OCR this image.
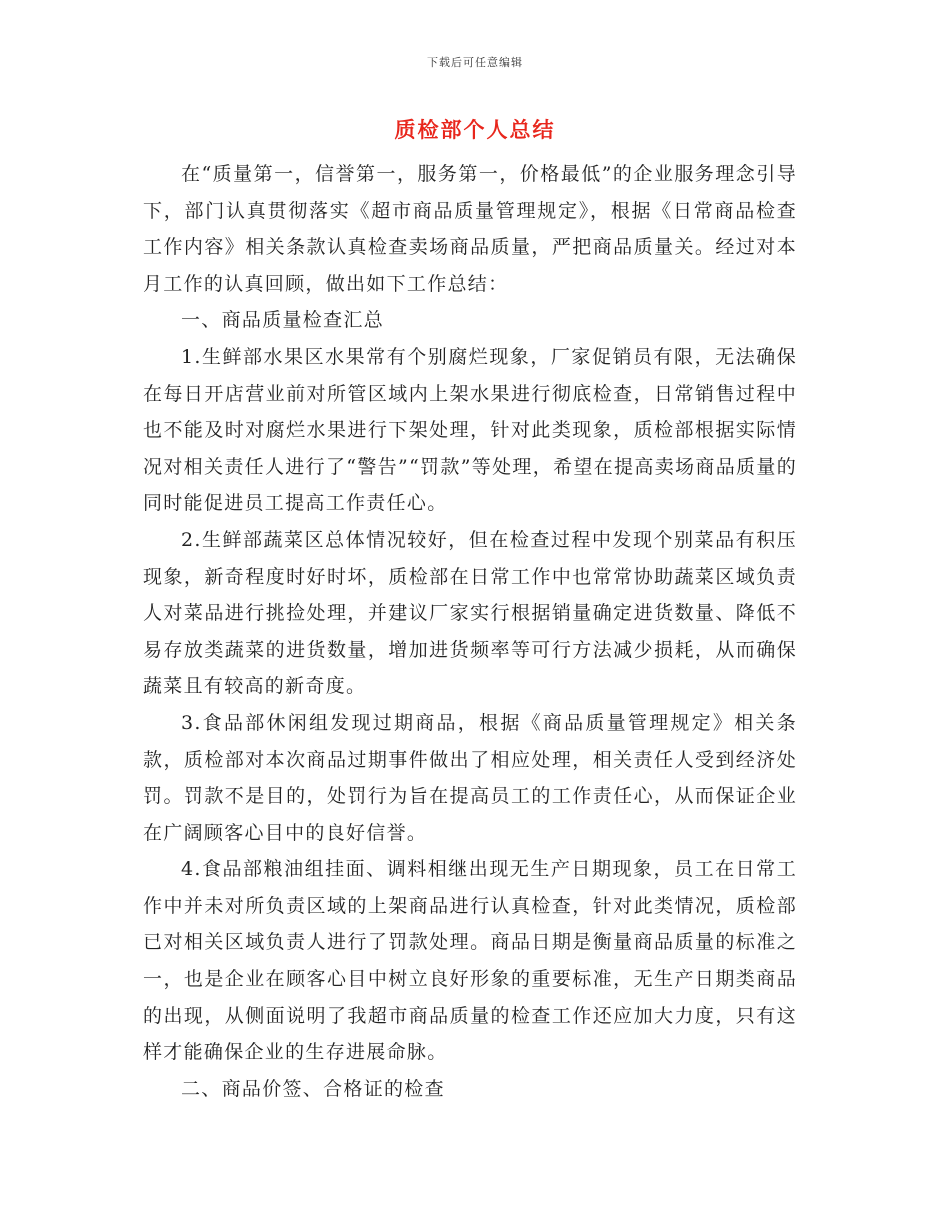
下载后可任意编辑
质检部个人总结

在“质量第一，信誉第一，服务第一，价格最低”的企业服务理念引导下，部门认真贯彻落实《超市商品质量管理规定》，根据《日常商品检查工作内容》相关条款认真检查卖场商品质量，严把商品质量关。经过对本月工作的认真回顾，做出如下工作总结：

一、商品质量检查汇总

1.生鲜部水果区水果常有个别腐烂现象，厂家促销员有限，无法确保在每日开店营业前对所管区域内上架水果进行彻底检查，日常销售过程中也不能及时对腐烂水果进行下架处理，针对此类现象，质检部根据实际情况对相关责任人进行了“警告”“罚款”等处理，希望在提高卖场商品质量的同时能促进员工提高工作责任心。

2.生鲜部蔬菜区总体情况较好，但在检查过程中发现个别菜品有积压现象，新奇程度时好时坏，质检部在日常工作中也常常协助蔬菜区域负责人对菜品进行挑捡处理，并建议厂家实行根据销量确定进货数量、降低不易存放类蔬菜的进货数量，增加进货频率等可行方法减少损耗，从而确保蔬菜且有较高的新奇度。

3.食品部休闲组发现过期商品，根据《商品质量管理规定》相关条款，质检部对本次商品过期事件做出了相应处理，相关责任人受到经济处罚。罚款不是目的，处罚行为旨在提高员工的工作责任心，从而保证企业在广阔顾客心目中的良好信誉。

4.食品部粮油组挂面、调料相继出现无生产日期现象，员工在日常工作中并未对所负责区域的上架商品进行认真检查，针对此类情况，质检部已对相关区域负责人进行了罚款处理。商品日期是衡量商品质量的标准之一，也是企业在顾客心目中树立良好形象的重要标准，无生产日期类商品的出现，从侧面说明了我超市商品质量的检查工作还应加大力度，只有这样才能确保企业的生存进展命脉。

二、商品价签、合格证的检查
